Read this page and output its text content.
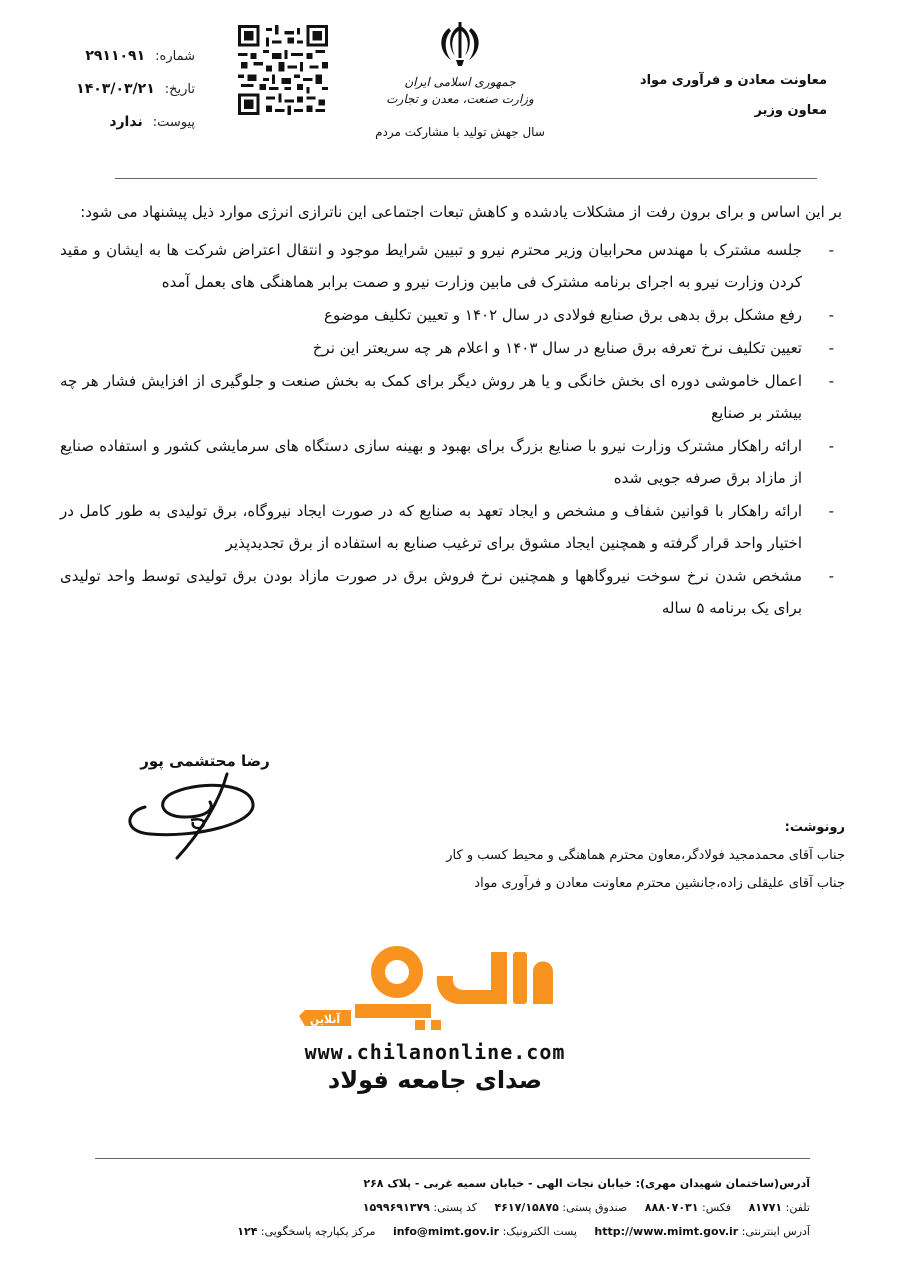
معاونت معادن و فرآوری مواد
معاون وزیر
جمهوری اسلامی ایران
وزارت صنعت، معدن و تجارت
سال جهش تولید با مشارکت مردم
شماره:
۲۹۱۱۰۹۱
تاریخ:
۱۴۰۳/۰۳/۲۱
پیوست:
ندارد

بر این اساس و برای برون رفت از مشکلات یادشده و کاهش تبعات اجتماعی این ناترازی انرژی موارد ذیل پیشنهاد می شود:

-
جلسه مشترک با مهندس محرابیان وزیر محترم نیرو و تبیین شرایط موجود و انتقال اعتراض شرکت ها به ایشان و مقید کردن وزارت نیرو به اجرای برنامه مشترک فی مابین وزارت نیرو و صمت برابر هماهنگی های بعمل آمده
-
رفع مشکل برق بدهی برق صنایع فولادی در سال ۱۴۰۲ و تعیین تکلیف موضوع
-
تعیین تکلیف نرخ تعرفه برق صنایع در سال ۱۴۰۳ و اعلام هر چه سریعتر این نرخ
-
اعمال خاموشی دوره ای بخش خانگی و یا هر روش دیگر برای کمک به بخش صنعت و جلوگیری از افزایش فشار هر چه بیشتر بر صنایع
-
ارائه راهکار مشترک وزارت نیرو با صنایع بزرگ برای بهبود و بهینه سازی دستگاه های سرمایشی کشور و استفاده صنایع از مازاد برق صرفه جویی شده
-
ارائه راهکار با قوانین شفاف و مشخص و ایجاد تعهد به صنایع که در صورت ایجاد نیروگاه، برق تولیدی به طور کامل در اختیار واحد قرار گرفته و همچنین ایجاد مشوق برای ترغیب صنایع به استفاده از برق تجدیدپذیر
-
مشخص شدن نرخ سوخت نیروگاهها و همچنین نرخ فروش برق در صورت مازاد بودن برق تولیدی توسط واحد تولیدی برای یک برنامه ۵ ساله
رضا محتشمی پور
رونوشت:
جناب آقای محمدمجید فولادگر،معاون محترم هماهنگی و محیط کسب و کار
جناب آقای علیقلی زاده،جانشین محترم معاونت معادن و فرآوری مواد
آنلاین
www.chilanonline.com
صدای جامعه فولاد
آدرس(ساختمان شهیدان مهری): خیابان نجات الهی - خیابان سمیه غربی - پلاک ۲۶۸
تلفن: ۸۱۷۷۱ فکس: ۸۸۸۰۷۰۳۱ صندوق پستی: ۴۶۱۷/۱۵۸۷۵ کد پستی: ۱۵۹۹۶۹۱۳۷۹
آدرس اینترنتی: http://www.mimt.gov.ir پست الکترونیک: info@mimt.gov.ir مرکز یکپارچه پاسخگویی: ۱۲۴
